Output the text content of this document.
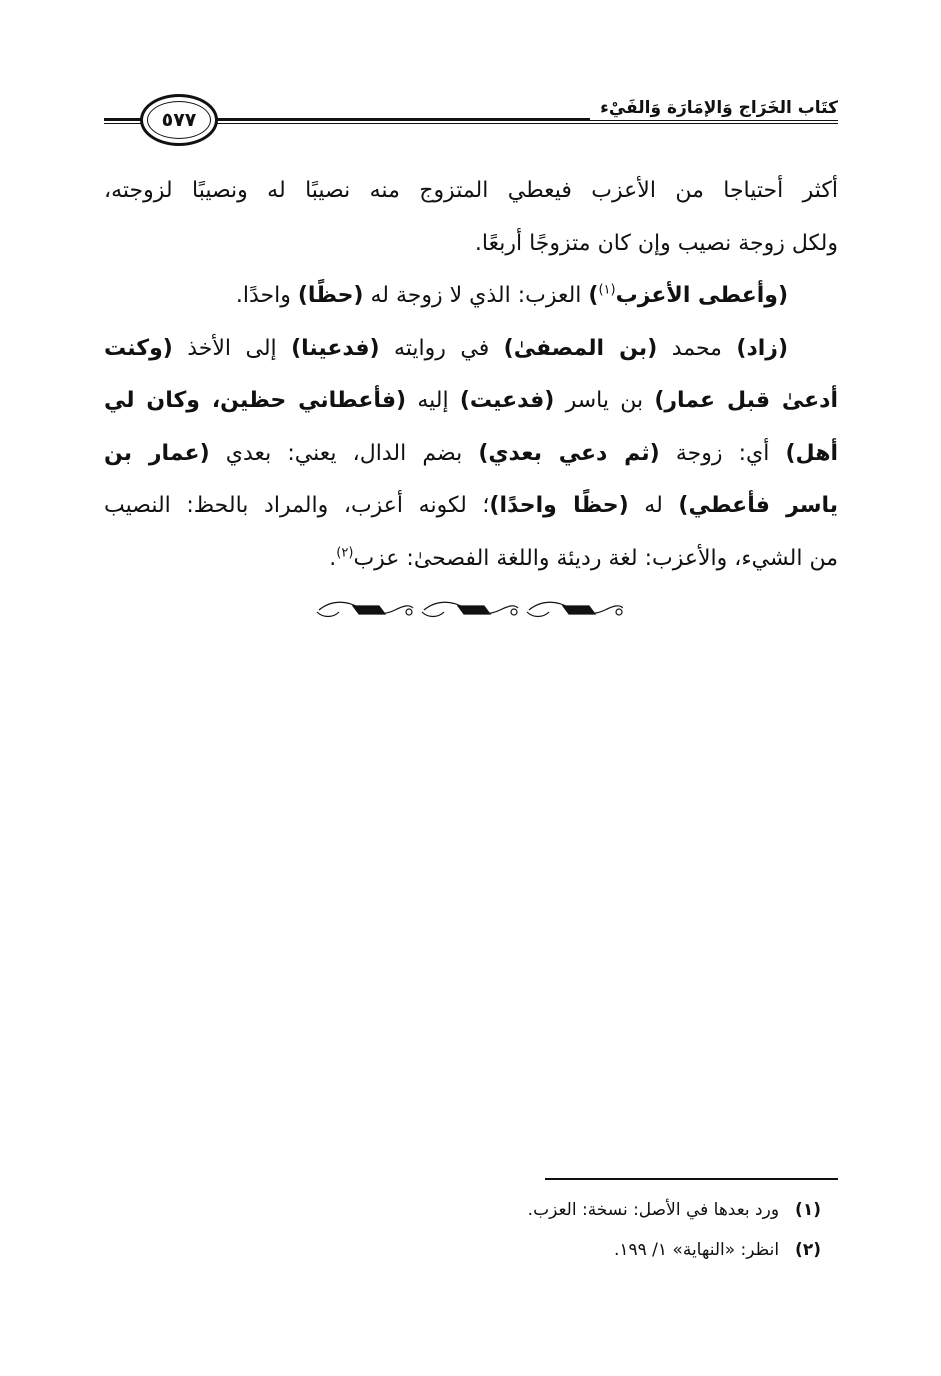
كتَاب الخَرَاج وَالإمَارَة وَالفَيْء
٥٧٧
أكثر أحتياجا من الأعزب فيعطي المتزوج منه نصيبًا له ونصيبًا لزوجته،
ولكل زوجة نصيب وإن كان متزوجًا أربعًا.
(وأعطى الأعزب$^{(١)}$) العزب: الذي لا زوجة له (حظًا) واحدًا.
(زاد) محمد (بن المصفىٰ) في روايته (فدعينا) إلى الأخذ (وكنت
أدعىٰ قبل عمار) بن ياسر (فدعيت) إليه (فأعطاني حظين، وكان لي
أهل) أي: زوجة (ثم دعي بعدي) بضم الدال، يعني: بعدي (عمار بن
ياسر فأعطي) له (حظًا واحدًا)؛ لكونه أعزب، والمراد بالحظ: النصيب
من الشيء، والأعزب: لغة رديئة واللغة الفصحىٰ: عزب$^{(٢)}$.
(١)ورد بعدها في الأصل: نسخة: العزب.
(٢)انظر: «النهاية» ١/ ١٩٩.
